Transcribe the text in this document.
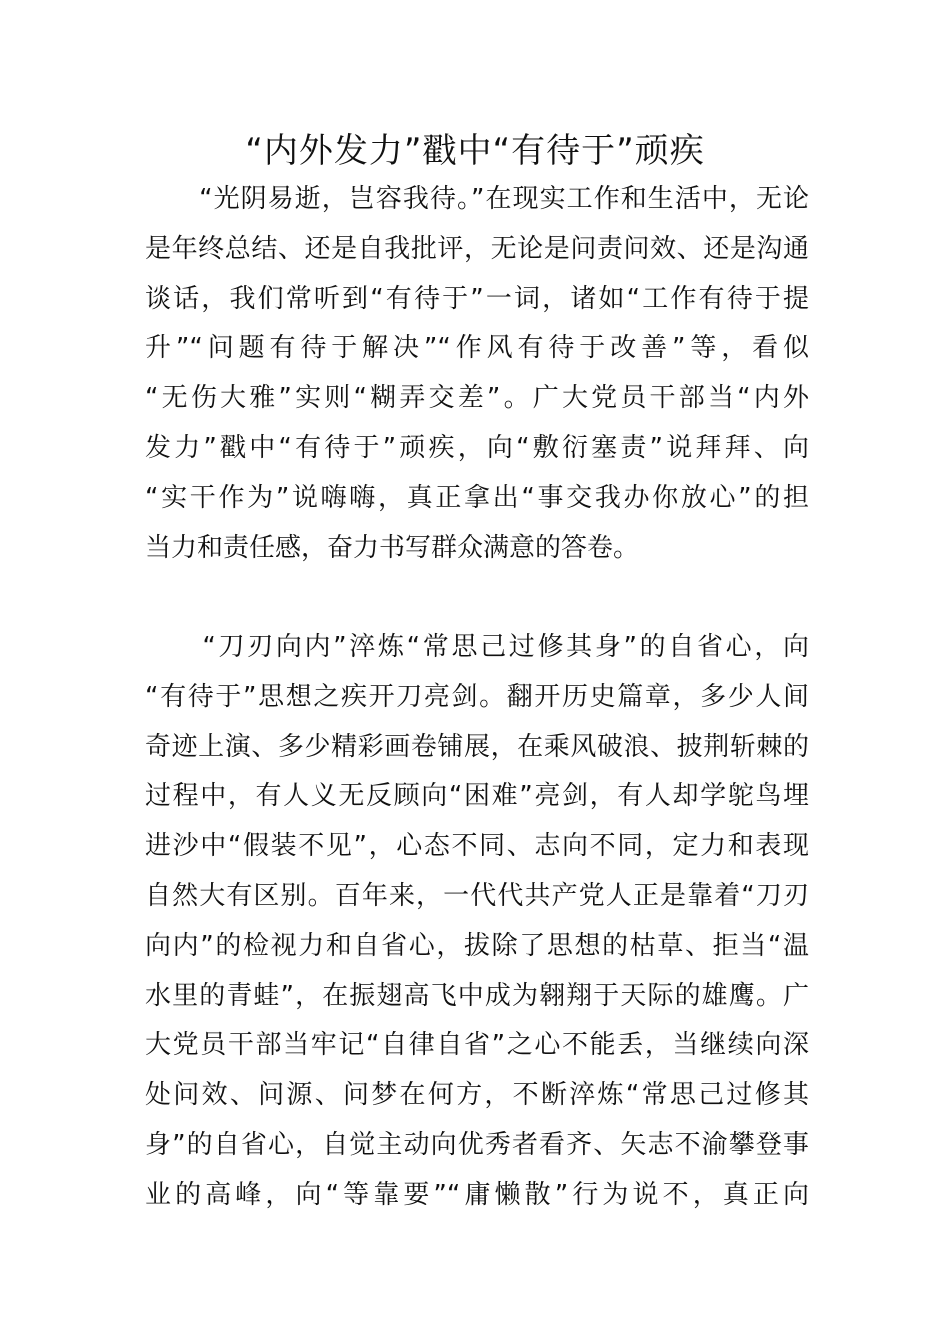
“内外发力”戳中“有待于”顽疾
　　“光阴易逝，岂容我待。”在现实工作和生活中，无论
是年终总结、还是自我批评，无论是问责问效、还是沟通
谈话，我们常听到“有待于”一词，诸如“工作有待于提
升”“问题有待于解决”“作风有待于改善”等，看似
“无伤大雅”实则“糊弄交差”。广大党员干部当“内外
发力”戳中“有待于”顽疾，向“敷衍塞责”说拜拜、向
“实干作为”说嗨嗨，真正拿出“事交我办你放心”的担
当力和责任感，奋力书写群众满意的答卷。
　　“刀刃向内”淬炼“常思己过修其身”的自省心，向
“有待于”思想之疾开刀亮剑。翻开历史篇章，多少人间
奇迹上演、多少精彩画卷铺展，在乘风破浪、披荆斩棘的
过程中，有人义无反顾向“困难”亮剑，有人却学鸵鸟埋
进沙中“假装不见”，心态不同、志向不同，定力和表现
自然大有区别。百年来，一代代共产党人正是靠着“刀刃
向内”的检视力和自省心，拔除了思想的枯草、拒当“温
水里的青蛙”，在振翅高飞中成为翱翔于天际的雄鹰。广
大党员干部当牢记“自律自省”之心不能丢，当继续向深
处问效、问源、问梦在何方，不断淬炼“常思己过修其
身”的自省心，自觉主动向优秀者看齐、矢志不渝攀登事
业的高峰，向“等靠要”“庸懒散”行为说不，真正向
